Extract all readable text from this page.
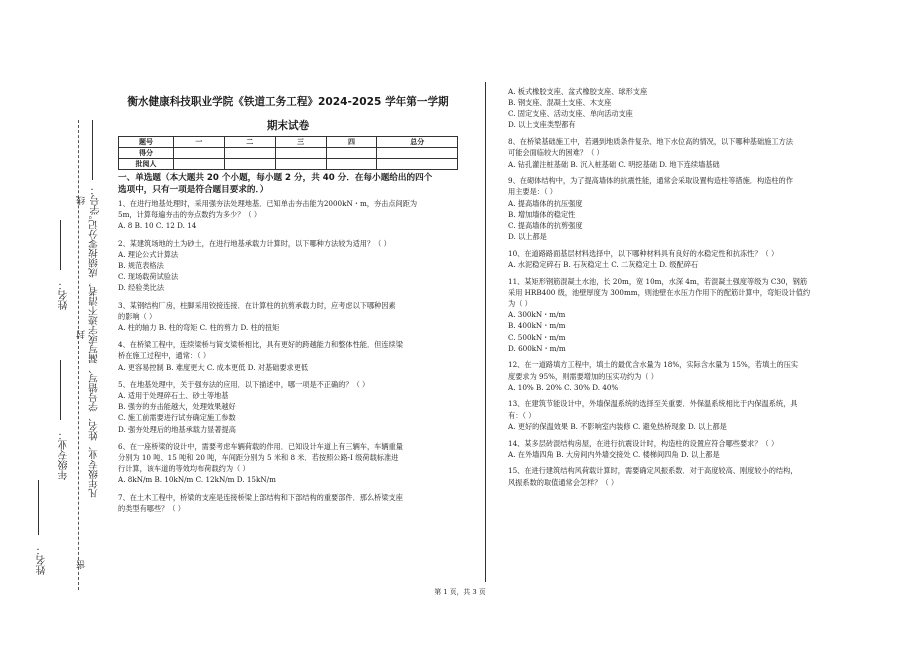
学号：
线
封
密
凡年级专业、姓名、学号错写、漏写或字迹不清者，成绩按零分记。
姓名：
年级专业：
姓名：
衡水健康科技职业学院《铁道工务工程》2024-2025 学年第一学期
期末试卷
题号	一	二	三	四	总分
得分					
批阅人					
一、单选题（本大题共 20 个小题，每小题 2 分，共 40 分．在每小题给出的四个
选项中，只有一项是符合题目要求的．）

1、在进行地基处理时，采用强夯法处理地基．已知单击夯击能为2000kN・m，夯击点间距为

5m，计算每遍夯击的夯点数约为多少？（ ）

A. 8 B. 10 C. 12 D. 14

2、某建筑场地的土为砂土，在进行地基承载力计算时，以下哪种方法较为适用？（ ）

A. 理论公式计算法

B. 规范表格法

C. 现场载荷试验法

D. 经验类比法

3、某钢结构厂房，柱脚采用铰接连接．在计算柱的抗剪承载力时，应考虑以下哪种因素

的影响（ ）

A. 柱的轴力 B. 柱的弯矩 C. 柱的剪力 D. 柱的扭矩

4、在桥梁工程中，连续梁桥与简支梁桥相比，具有更好的跨越能力和整体性能．但连续梁

桥在施工过程中，通常：（ ）

A. 更容易控制 B. 难度更大 C. 成本更低 D. 对基础要求更低

5、在地基处理中，关于强夯法的应用．以下描述中，哪一项是不正确的？（ ）

A. 适用于处理碎石土、砂土等地基

B. 强夯的夯击能越大，处理效果越好

C. 施工前需要进行试夯确定施工参数

D. 强夯处理后的地基承载力显著提高

6、在一座桥梁的设计中，需要考虑车辆荷载的作用．已知设计车道上有三辆车，车辆重量

分别为 10 吨、15 吨和 20 吨，车间距分别为 5 米和 8 米．若按照公路-Ⅰ 级荷载标准进

行计算，该车道的等效均布荷载约为（ ）

A. 8kN/m B. 10kN/m C. 12kN/m D. 15kN/m

7、在土木工程中，桥梁的支座是连接桥梁上部结构和下部结构的重要部件．那么桥梁支座

的类型有哪些？（ ）

A. 板式橡胶支座、盆式橡胶支座、球形支座

B. 钢支座、混凝土支座、木支座

C. 固定支座、活动支座、单向活动支座

D. 以上支座类型都有

8、在桥梁基础施工中，若遇到地质条件复杂、地下水位高的情况，以下哪种基础施工方法

可能会面临较大的困难？（ ）

A. 钻孔灌注桩基础 B. 沉入桩基础 C. 明挖基础 D. 地下连续墙基础

9、在砌体结构中，为了提高墙体的抗震性能，通常会采取设置构造柱等措施．构造柱的作

用主要是：（ ）

A. 提高墙体的抗压强度

B. 增加墙体的稳定性

C. 提高墙体的抗剪强度

D. 以上都是

10、在道路路面基层材料选择中，以下哪种材料具有良好的水稳定性和抗冻性？（ ）

A. 水泥稳定碎石 B. 石灰稳定土 C. 二灰稳定土 D. 级配碎石

11、某矩形钢筋混凝土水池，长 20m，宽 10m，水深 4m，若混凝土强度等级为 C30，钢筋

采用 HRB400 级，池壁厚度为 300mm，则池壁在水压力作用下的配筋计算中，弯矩设计值约

为（ ）

A. 300kN・m/m

B. 400kN・m/m

C. 500kN・m/m

D. 600kN・m/m

12、在一道路填方工程中，填土的最优含水量为 18%，实际含水量为 15%，若填土的压实

度要求为 95%，则需要增加的压实功约为（ ）

A. 10% B. 20% C. 30% D. 40%

13、在建筑节能设计中，外墙保温系统的选择至关重要．外保温系统相比于内保温系统，具

有：（ ）

A. 更好的保温效果 B. 不影响室内装修 C. 避免热桥现象 D. 以上都是

14、某多层砖混结构房屋，在进行抗震设计时，构造柱的设置应符合哪些要求？（ ）

A. 在外墙四角 B. 大房间内外墙交接处 C. 楼梯间四角 D. 以上都是

15、在进行建筑结构风荷载计算时，需要确定风振系数．对于高度较高、刚度较小的结构，

风振系数的取值通常会怎样？（ ）

第 1 页，共 3 页
